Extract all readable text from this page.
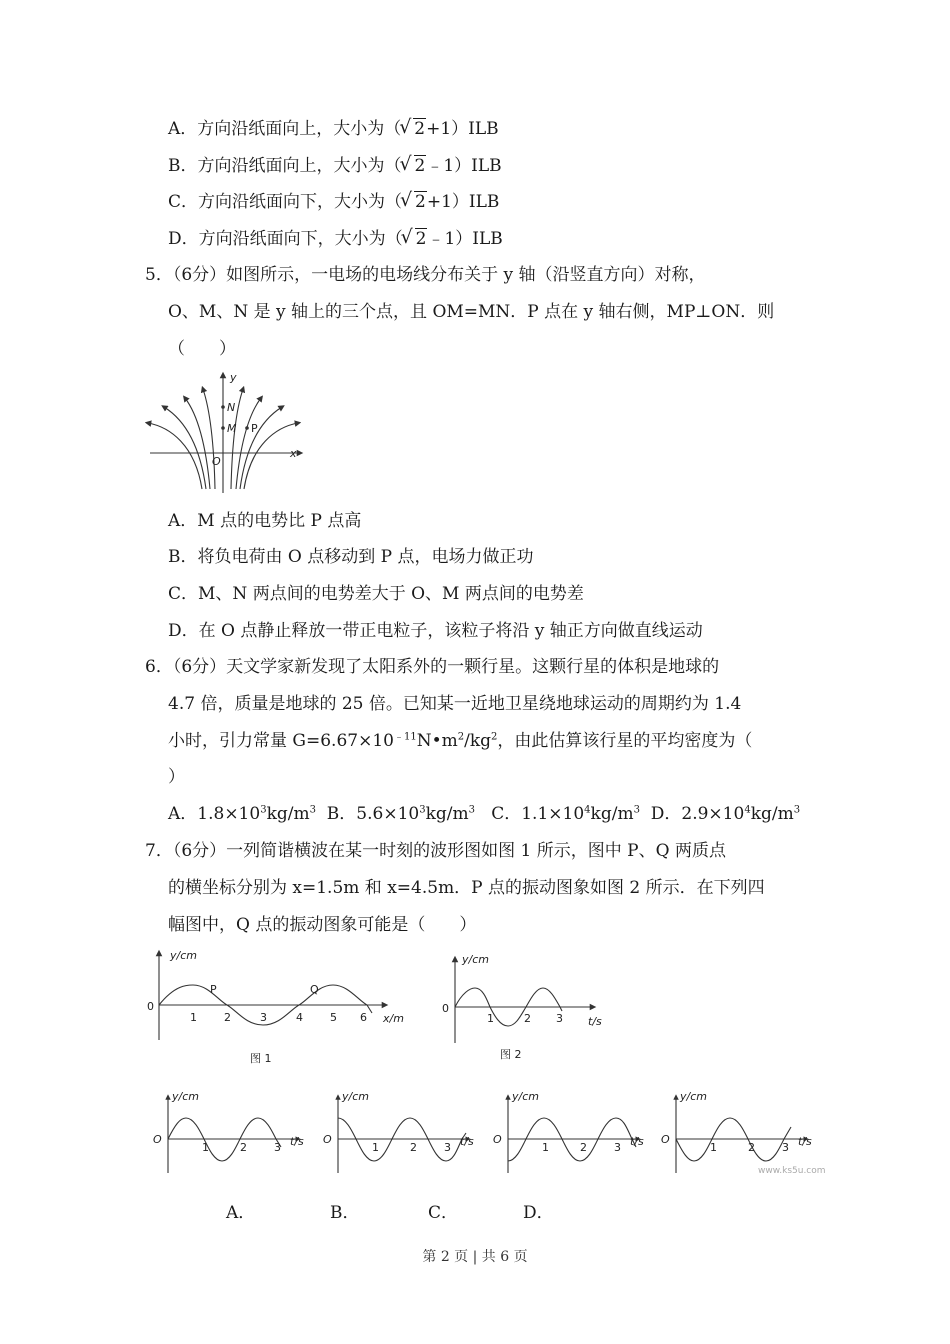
A．方向沿纸面向上，大小为（ √ 2+1）ILB
B．方向沿纸面向上，大小为（ √ 2﹣1）ILB
C．方向沿纸面向下，大小为（ √ 2+1）ILB
D．方向沿纸面向下，大小为（ √ 2﹣1）ILB
5．（6分）如图所示，一电场的电场线分布关于 y 轴（沿竖直方向）对称，
O、M、N 是 y 轴上的三个点，且 OM=MN．P 点在 y 轴右侧，MP⊥ON．则
（　　）
y
x
O
N
M P
A．M 点的电势比 P 点高
B．将负电荷由 O 点移动到 P 点，电场力做正功
C．M、N 两点间的电势差大于 O、M 两点间的电势差
D．在 O 点静止释放一带正电粒子，该粒子将沿 y 轴正方向做直线运动
6．（6分）天文学家新发现了太阳系外的一颗行星。这颗行星的体积是地球的
4.7 倍，质量是地球的 25 倍。已知某一近地卫星绕地球运动的周期约为 1.4
小时，引力常量 $G=6.67\times 10^{﹣11}N•m^2/kg^2$，由此估算该行星的平均密度为（
）
A．$1.8\times 10^3kg/m^3$ B．$5.6\times 10^3kg/m^3$ C．$1.1\times 10^4kg/m^3$ D．$2.9\times 10^4kg/m^3$
7．（6分）一列简谐横波在某一时刻的波形图如图 1 所示，图中 P、Q 两质点
的横坐标分别为 x=1.5m 和 x=4.5m．P 点的振动图象如图 2 所示．在下列四
幅图中，Q 点的振动图象可能是（　　）
y/cm
0
1 2	3	4 5 6 x/m
P	Q
图 1
y/cm
0
1	2 3 t/s
图 2
y/cm
O
1	2 3 t/s
y/cm
O
1	2 3 t/s
y/cm
O
1	2 3 t/s
y/cm
O
1	2 3 t/s
www.ks5u.com
A．	B．	C．	D．
第 2 页 | 共 6 页
